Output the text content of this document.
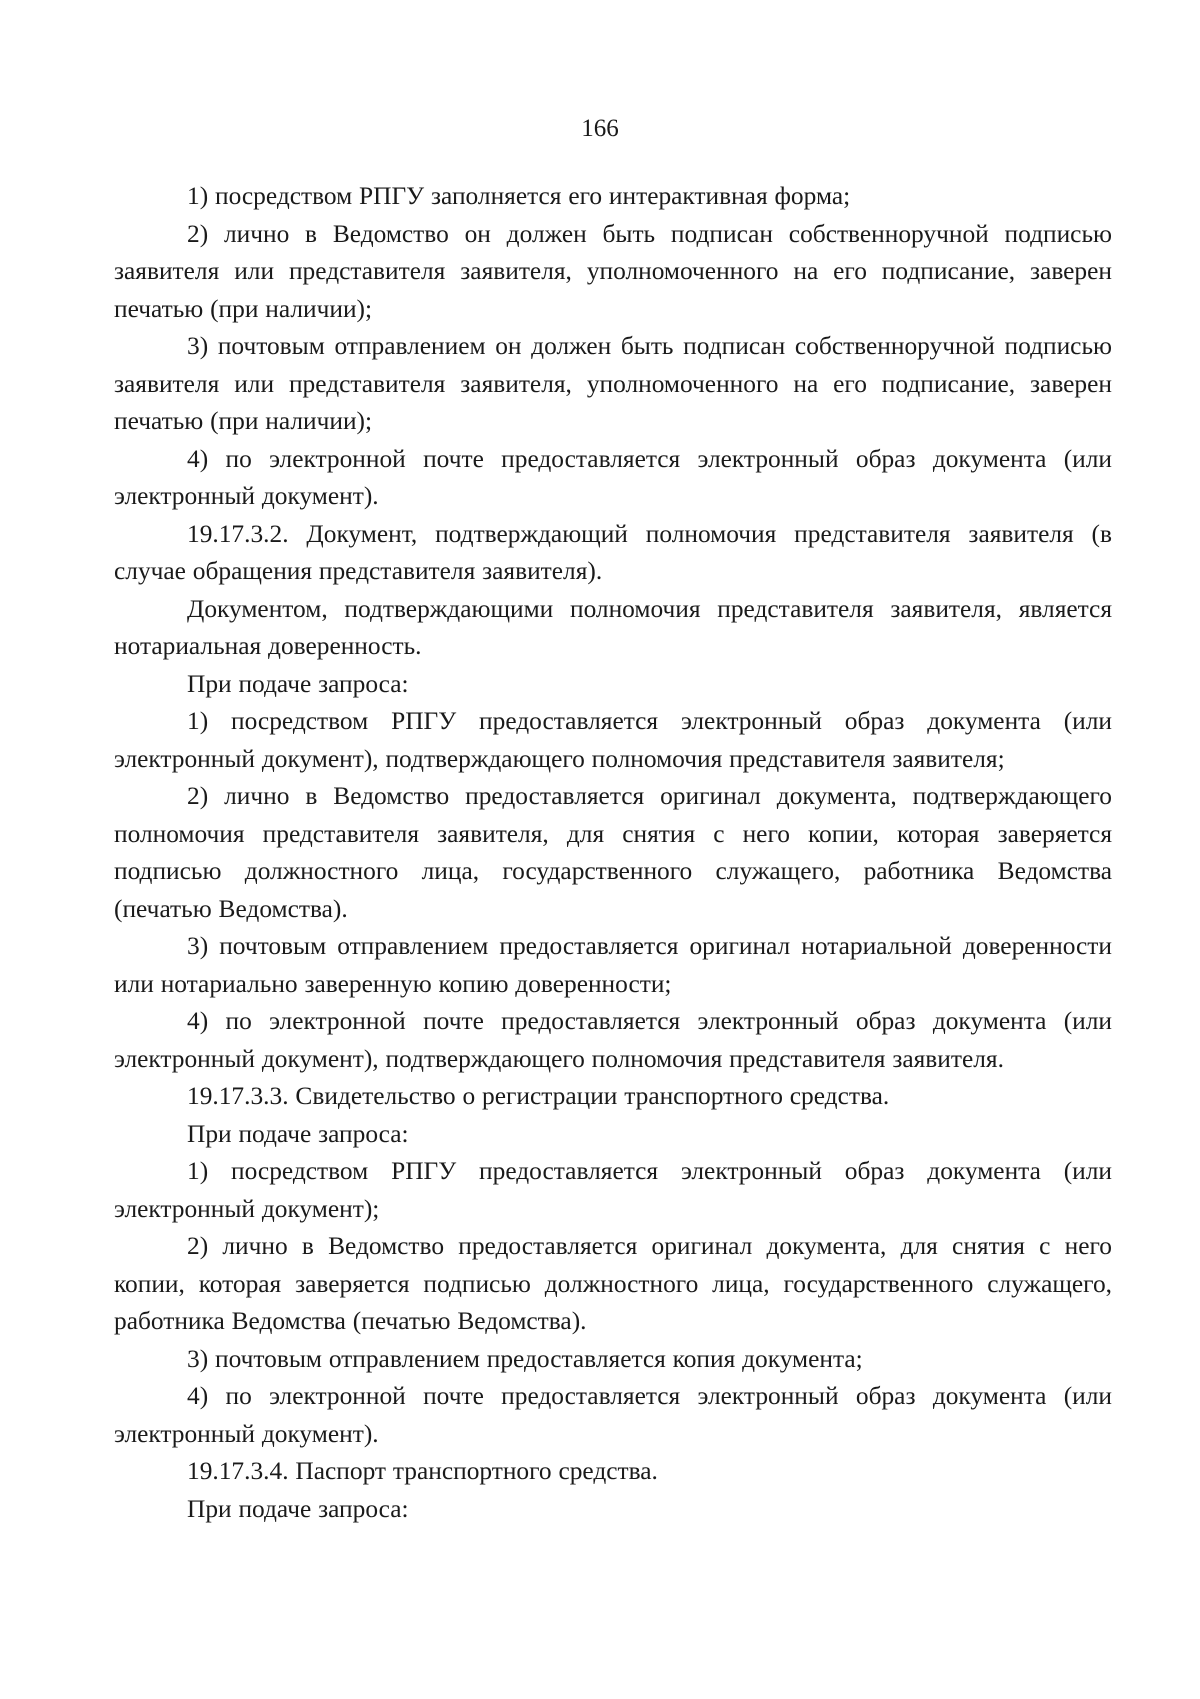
166

1) посредством РПГУ заполняется его интерактивная форма;

2) лично в Ведомство он должен быть подписан собственноручной подписью заявителя или представителя заявителя, уполномоченного на его подписание, заверен печатью (при наличии);

3) почтовым отправлением он должен быть подписан собственноручной подписью заявителя или представителя заявителя, уполномоченного на его подписание, заверен печатью (при наличии);

4) по электронной почте предоставляется электронный образ документа (или электронный документ).

19.17.3.2. Документ, подтверждающий полномочия представителя заявителя (в случае обращения представителя заявителя).

Документом, подтверждающими полномочия представителя заявителя, является нотариальная доверенность.

При подаче запроса:

1) посредством РПГУ предоставляется электронный образ документа (или электронный документ), подтверждающего полномочия представителя заявителя;

2) лично в Ведомство предоставляется оригинал документа, подтверждающего полномочия представителя заявителя, для снятия с него копии, которая заверяется подписью должностного лица, государственного служащего, работника Ведомства (печатью Ведомства).

3) почтовым отправлением предоставляется оригинал нотариальной доверенности или нотариально заверенную копию доверенности;

4) по электронной почте предоставляется электронный образ документа (или электронный документ), подтверждающего полномочия представителя заявителя.

19.17.3.3. Свидетельство о регистрации транспортного средства.

При подаче запроса:

1) посредством РПГУ предоставляется электронный образ документа (или электронный документ);

2) лично в Ведомство предоставляется оригинал документа, для снятия с него копии, которая заверяется подписью должностного лица, государственного служащего, работника Ведомства (печатью Ведомства).

3) почтовым отправлением предоставляется копия документа;

4) по электронной почте предоставляется электронный образ документа (или электронный документ).

19.17.3.4. Паспорт транспортного средства.

При подаче запроса:
